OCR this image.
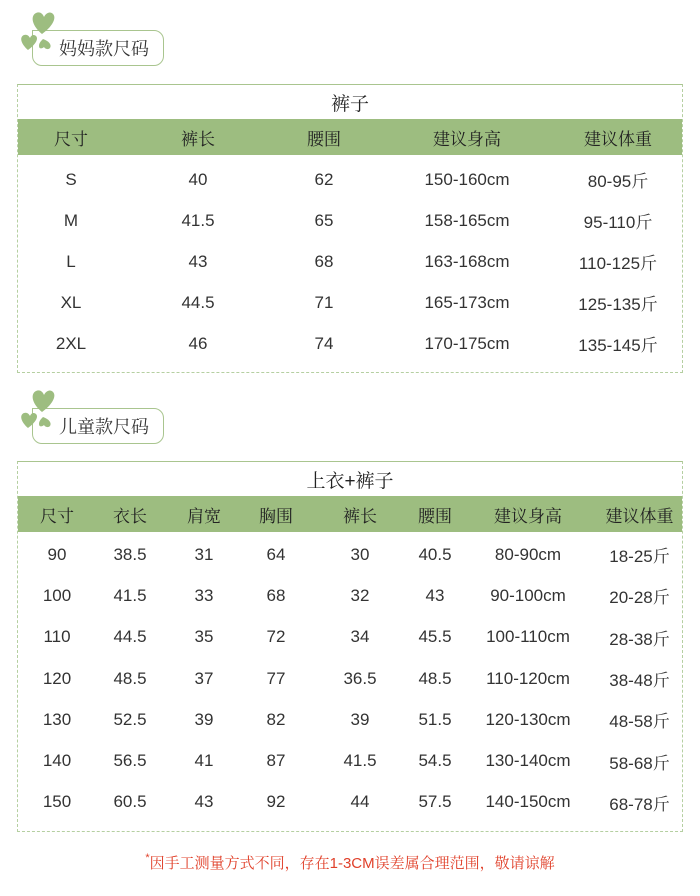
妈妈款尺码
裤子
尺寸	裤长	腰围	建议身高	建议体重
S	40	62	150-160cm	80-95斤
M	41.5	65	158-165cm	95-110斤
L	43	68	163-168cm	110-125斤
XL	44.5	71	165-173cm	125-135斤
2XL	46	74	170-175cm	135-145斤
儿童款尺码
上衣+裤子
尺寸	衣长	肩宽	胸围	裤长	腰围	建议身高	建议体重
90	38.5	31	64	30	40.5	80-90cm	18-25斤
100	41.5	33	68	32	43	90-100cm	20-28斤
110	44.5	35	72	34	45.5	100-110cm	28-38斤
120	48.5	37	77	36.5	48.5	110-120cm	38-48斤
130	52.5	39	82	39	51.5	120-130cm	48-58斤
140	56.5	41	87	41.5	54.5	130-140cm	58-68斤
150	60.5	43	92	44	57.5	140-150cm	68-78斤
*因手工测量方式不同，存在1-3CM误差属合理范围，敬请谅解
